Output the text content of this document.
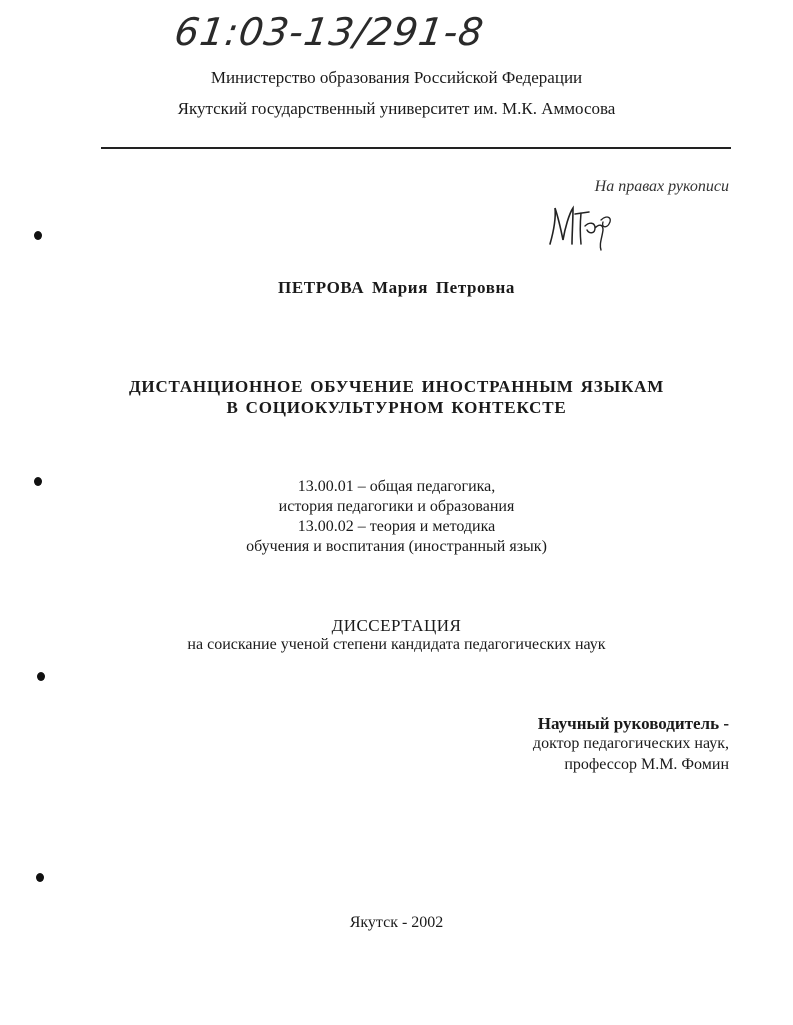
61:03-13/291-8
Министерство образования Российской Федерации
Якутский государственный университет им. М.К. Аммосова
На правах рукописи
ПЕТРОВА Мария Петровна
ДИСТАНЦИОННОЕ ОБУЧЕНИЕ ИНОСТРАННЫМ ЯЗЫКАМ
В СОЦИОКУЛЬТУРНОМ КОНТЕКСТЕ
13.00.01 – общая педагогика,
история педагогики и образования
13.00.02 – теория и методика
обучения и воспитания (иностранный язык)
ДИССЕРТАЦИЯ
на соискание ученой степени кандидата педагогических наук
Научный руководитель -
доктор педагогических наук,
профессор М.М. Фомин
Якутск - 2002
